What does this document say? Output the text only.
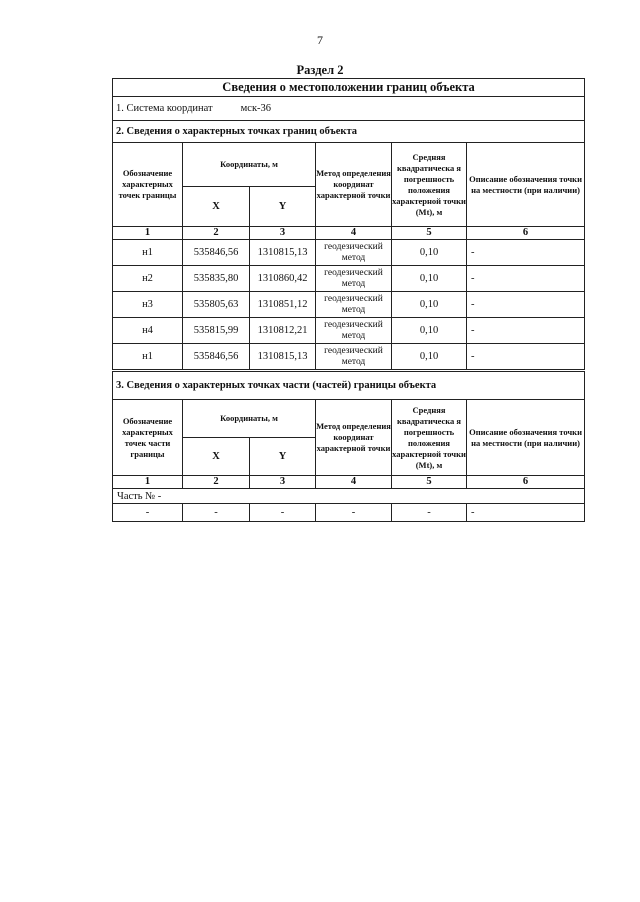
7
Раздел 2
Сведения о местоположении границ объекта					
1. Система координат мск-36					
2. Сведения о характерных точках границ объекта					
Обозначение характерных точек границы	Координаты, м		Метод определения координат характерной точки	Средняя квадратическа я погрешность положения характерной точки (Mt), м	Описание обозначения точки на местности (при наличии)
	X	Y			
1	2	3	4	5	6
н1	535846,56	1310815,13	геодезический метод	0,10	-
н2	535835,80	1310860,42	геодезический метод	0,10	-
н3	535805,63	1310851,12	геодезический метод	0,10	-
н4	535815,99	1310812,21	геодезический метод	0,10	-
н1	535846,56	1310815,13	геодезический метод	0,10	-
3. Сведения о характерных точках части (частей) границы объекта					
Обозначение характерных точек части границы	Координаты, м		Метод определения координат характерной точки	Средняя квадратическа я погрешность положения характерной точки (Mt), м	Описание обозначения точки на местности (при наличии)
	X	Y			
1	2	3	4	5	6
Часть № -					
-	-	-	-	-	-
